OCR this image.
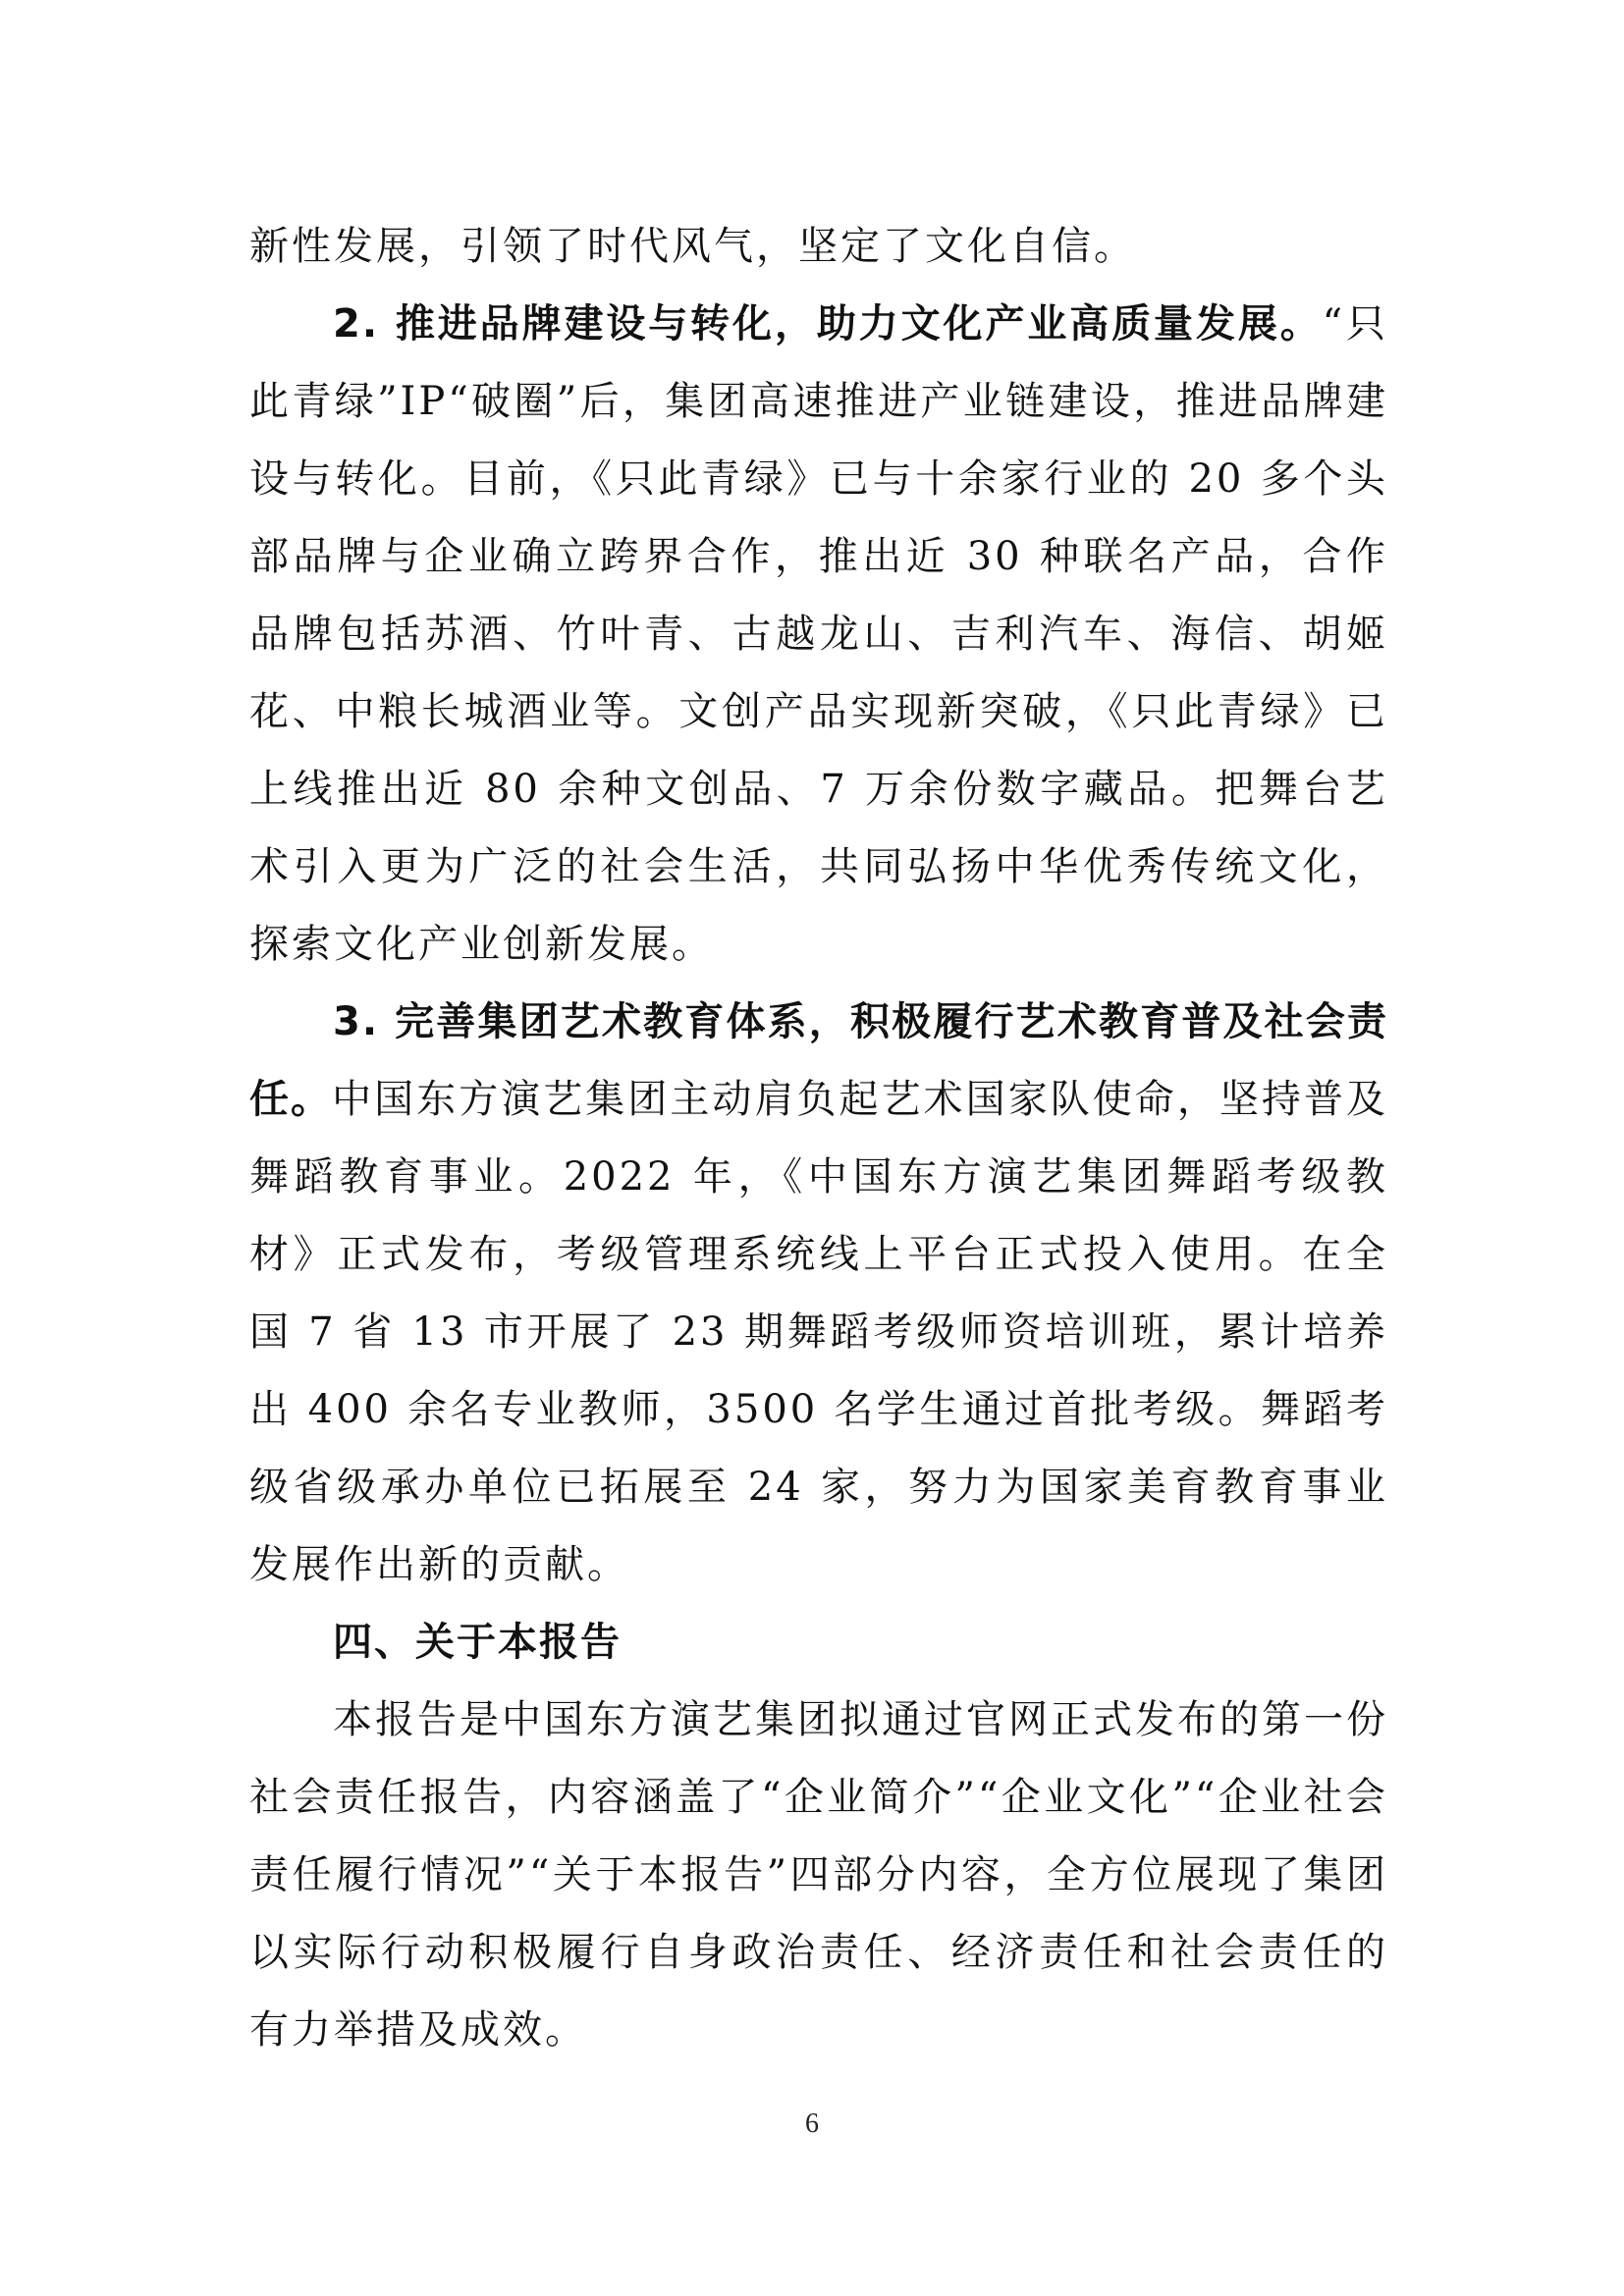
新性发展，引领了时代风气，坚定了文化自信。

2. 推进品牌建设与转化，助力文化产业高质量发展。“只此青绿”IP“破圈”后，集团高速推进产业链建设，推进品牌建设与转化。目前，《只此青绿》已与十余家行业的 20 多个头部品牌与企业确立跨界合作，推出近 30 种联名产品，合作品牌包括苏酒、竹叶青、古越龙山、吉利汽车、海信、胡姬花、中粮长城酒业等。文创产品实现新突破，《只此青绿》已上线推出近 80 余种文创品、7 万余份数字藏品。把舞台艺术引入更为广泛的社会生活，共同弘扬中华优秀传统文化，探索文化产业创新发展。

3. 完善集团艺术教育体系，积极履行艺术教育普及社会责任。中国东方演艺集团主动肩负起艺术国家队使命，坚持普及舞蹈教育事业。2022 年，《中国东方演艺集团舞蹈考级教材》正式发布，考级管理系统线上平台正式投入使用。在全国 7 省 13 市开展了 23 期舞蹈考级师资培训班，累计培养出 400 余名专业教师，3500 名学生通过首批考级。舞蹈考级省级承办单位已拓展至 24 家，努力为国家美育教育事业发展作出新的贡献。

四、关于本报告

本报告是中国东方演艺集团拟通过官网正式发布的第一份社会责任报告，内容涵盖了“企业简介”“企业文化”“企业社会责任履行情况”“关于本报告”四部分内容，全方位展现了集团以实际行动积极履行自身政治责任、经济责任和社会责任的有力举措及成效。

6
